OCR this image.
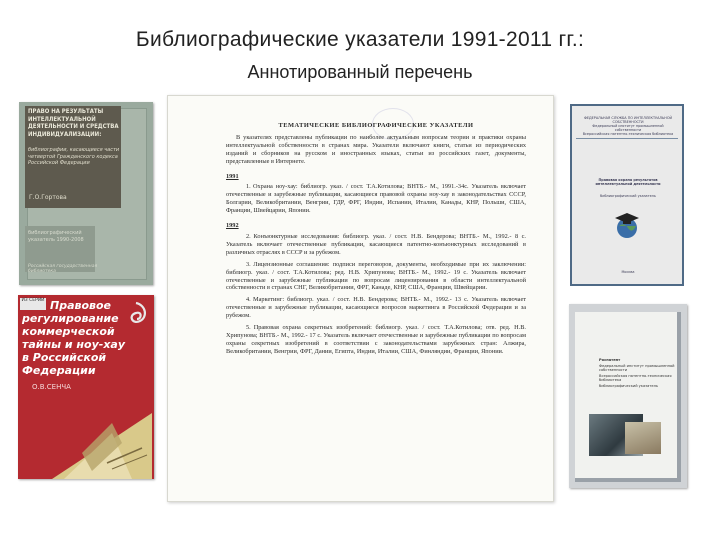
Библиографические указатели 1991-2011 гг.:
Аннотированный перечень
ПРАВО НА РЕЗУЛЬТАТЫ ИНТЕЛЛЕКТУАЛЬНОЙ ДЕЯТЕЛЬНОСТИ И СРЕДСТВА ИНДИВИДУАЛИЗАЦИИ:
библиографии, касающиеся части четвертой Гражданского кодекса Российской Федерации
Г.О.Гортова
библиографический указатель 1990-2008
Российская государственная библиотека
ИЗ СЕРИИ Правовое регулирование коммерческой тайны и ноу-хау в Российской Федерации
О.В.СЕНЧА
ТЕМАТИЧЕСКИЕ БИБЛИОГРАФИЧЕСКИЕ УКАЗАТЕЛИ

В указателях представлены публикации по наиболее актуальным вопросам теории и практики охраны интеллектуальной собственности в странах мира. Указатели включают книги, статьи из периодических изданий и сборников на русском и иностранных языках, статьи из российских газет, документы, представленные в Интернете.

1991

1. Охрана ноу-хау: библиогр. указ. / сост. Т.А.Котилова; ВНТБ.- М., 1991.-34с. Указатель включает отечественные и зарубежные публикации, касающиеся правовой охраны ноу-хау в законодательствах СССР, Болгарии, Великобритании, Венгрии, ГДР, ФРГ, Индии, Испании, Италии, Канады, КНР, Польши, США, Франции, Швейцарии, Японии.

1992

2. Конъюнктурные исследования: библиогр. указ. / сост. Н.В. Бендерова; ВНТБ.- М., 1992.- 8 с. Указатель включает отечественные публикации, касающиеся патентно-конъюнктурных исследований в различных отраслях в СССР и за рубежом.

3. Лицензионные соглашения: подписи переговоров, документы, необходимые при их заключении: библиогр. указ. / сост. Т.А.Котилова; ред. Н.В. Хрипунова; ВНТБ.- М., 1992.- 19 с. Указатель включает отечественные и зарубежные публикации по вопросам лицензирования в области интеллектуальной собственности в странах СНГ, Великобритании, ФРГ, Канаде, КНР, США, Франции, Швейцарии.

4. Маркетинг: библиогр. указ. / сост. Н.В. Бендерова; ВНТБ.- М., 1992.- 13 с. Указатель включает отечественные и зарубежные публикации, касающиеся вопросов маркетинга в Российской Федерации и за рубежом.

5. Правовая охрана секретных изобретений: библиогр. указ. / сост. Т.А.Котилова; отв. ред. Н.В. Хрипунова; ВНТБ.- М., 1992.- 17 с. Указатель включает отечественные и зарубежные публикации по вопросам охраны секретных изобретений в соответствии с законодательствами зарубежных стран: Алжира, Великобритании, Венгрии, ФРГ, Дании, Египта, Индии, Италии, США, Финляндии, Франции, Японии.

ФЕДЕРАЛЬНАЯ СЛУЖБА ПО ИНТЕЛЛЕКТУАЛЬНОЙ СОБСТВЕННОСТИ
Федеральный институт промышленной собственности
Всероссийская патентно-техническая библиотека
Правовая охрана результатов интеллектуальной деятельности
библиографический указатель
Москва
Роспатент
Федеральный институт промышленной собственности
Всероссийская патентно-техническая библиотека
библиографический указатель
